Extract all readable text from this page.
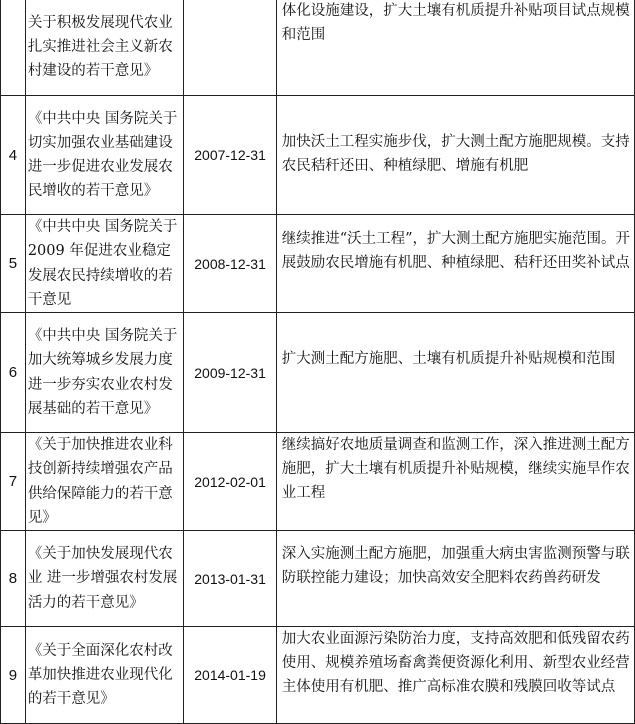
	关于积极发展现代农业扎实推进社会主义新农村建设的若干意见》		体化设施建设，扩大土壤有机质提升补贴项目试点规模和范围
4	《中共中央 国务院关于切实加强农业基础建设进一步促进农业发展农民增收的若干意见》	2007-12-31	加快沃土工程实施步伐，扩大测土配方施肥规模。支持农民秸秆还田、种植绿肥、增施有机肥
5	《中共中央 国务院关于 2009 年促进农业稳定发展农民持续增收的若干意见	2008-12-31	继续推进“沃土工程”，扩大测土配方施肥实施范围。开展鼓励农民增施有机肥、种植绿肥、秸秆还田奖补试点
6	《中共中央 国务院关于加大统筹城乡发展力度进一步夯实农业农村发展基础的若干意见》	2009-12-31	扩大测土配方施肥、土壤有机质提升补贴规模和范围
7	《关于加快推进农业科技创新持续增强农产品供给保障能力的若干意见》	2012-02-01	继续搞好农地质量调查和监测工作，深入推进测土配方施肥，扩大土壤有机质提升补贴规模，继续实施旱作农业工程
8	《关于加快发展现代农业 进一步增强农村发展活力的若干意见》	2013-01-31	深入实施测土配方施肥，加强重大病虫害监测预警与联防联控能力建设；加快高效安全肥料农药兽药研发
9	《关于全面深化农村改革加快推进农业现代化的若干意见》	2014-01-19	加大农业面源污染防治力度，支持高效肥和低残留农药使用、规模养殖场畜禽粪便资源化利用、新型农业经营主体使用有机肥、推广高标准农膜和残膜回收等试点
